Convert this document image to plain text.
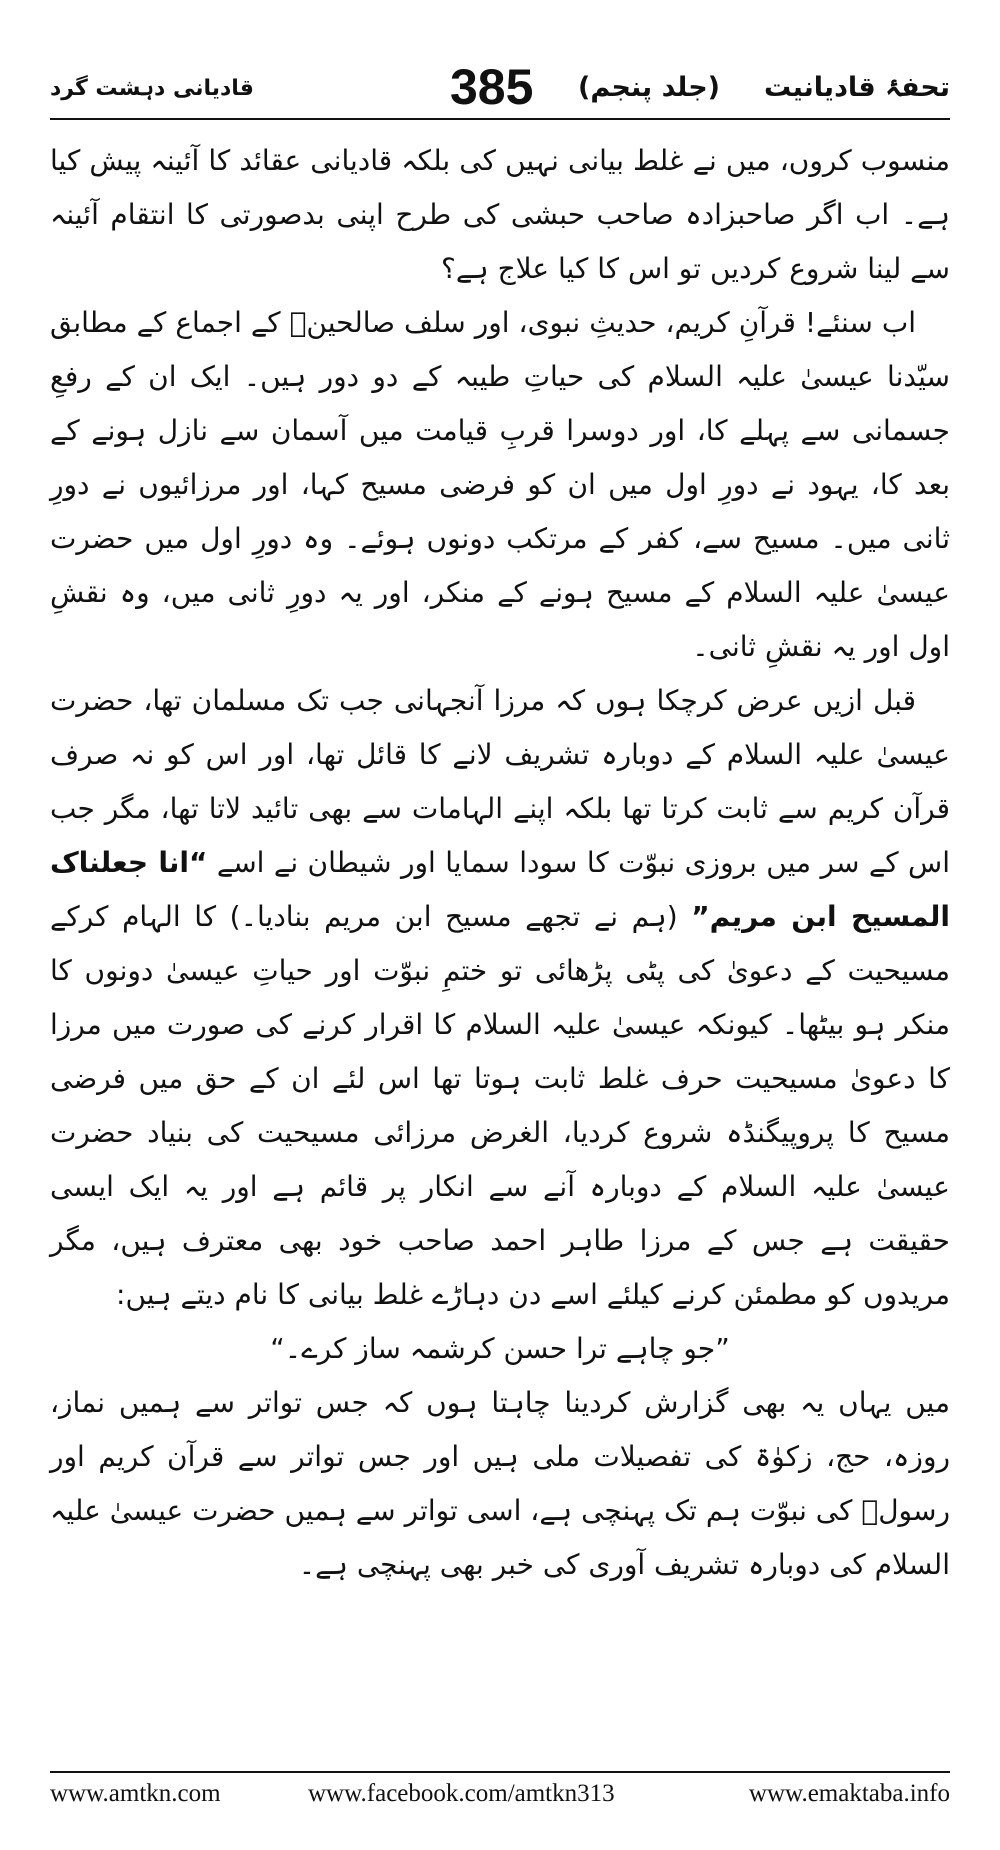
تحفۂ قادیانیت
(جلد پنجم)
385
قادیانی دہشت گرد

منسوب کروں، میں نے غلط بیانی نہیں کی بلکہ قادیانی عقائد کا آئینہ پیش کیا ہے۔ اب اگر صاحبزادہ صاحب حبشی کی طرح اپنی بدصورتی کا انتقام آئینہ سے لینا شروع کردیں تو اس کا کیا علاج ہے؟

اب سنئے! قرآنِ کریم، حدیثِ نبوی، اور سلف صالحینؒ کے اجماع کے مطابق سیّدنا عیسیٰ علیہ السلام کی حیاتِ طیبہ کے دو دور ہیں۔ ایک ان کے رفعِ جسمانی سے پہلے کا، اور دوسرا قربِ قیامت میں آسمان سے نازل ہونے کے بعد کا، یہود نے دورِ اول میں ان کو فرضی مسیح کہا، اور مرزائیوں نے دورِ ثانی میں۔ مسیح سے، کفر کے مرتکب دونوں ہوئے۔ وہ دورِ اول میں حضرت عیسیٰ علیہ السلام کے مسیح ہونے کے منکر، اور یہ دورِ ثانی میں، وہ نقشِ اول اور یہ نقشِ ثانی۔

قبل ازیں عرض کرچکا ہوں کہ مرزا آنجہانی جب تک مسلمان تھا، حضرت عیسیٰ علیہ السلام کے دوبارہ تشریف لانے کا قائل تھا، اور اس کو نہ صرف قرآن کریم سے ثابت کرتا تھا بلکہ اپنے الہامات سے بھی تائید لاتا تھا، مگر جب اس کے سر میں بروزی نبوّت کا سودا سمایا اور شیطان نے اسے “انا جعلناک المسیح ابن مریم” (ہم نے تجھے مسیح ابن مریم بنادیا۔) کا الہام کرکے مسیحیت کے دعویٰ کی پٹی پڑھائی تو ختمِ نبوّت اور حیاتِ عیسیٰ دونوں کا منکر ہو بیٹھا۔ کیونکہ عیسیٰ علیہ السلام کا اقرار کرنے کی صورت میں مرزا کا دعویٰ مسیحیت حرف غلط ثابت ہوتا تھا اس لئے ان کے حق میں فرضی مسیح کا پروپیگنڈہ شروع کردیا، الغرض مرزائی مسیحیت کی بنیاد حضرت عیسیٰ علیہ السلام کے دوبارہ آنے سے انکار پر قائم ہے اور یہ ایک ایسی حقیقت ہے جس کے مرزا طاہر احمد صاحب خود بھی معترف ہیں، مگر مریدوں کو مطمئن کرنے کیلئے اسے دن دہاڑے غلط بیانی کا نام دیتے ہیں:

”جو چاہے ترا حسن کرشمہ ساز کرے۔“

میں یہاں یہ بھی گزارش کردینا چاہتا ہوں کہ جس تواتر سے ہمیں نماز، روزہ، حج، زکوٰۃ کی تفصیلات ملی ہیں اور جس تواتر سے قرآن کریم اور رسولؐ کی نبوّت ہم تک پہنچی ہے، اسی تواتر سے ہمیں حضرت عیسیٰ علیہ السلام کی دوبارہ تشریف آوری کی خبر بھی پہنچی ہے۔

www.amtkn.com	www.facebook.com/amtkn313	www.emaktaba.info
